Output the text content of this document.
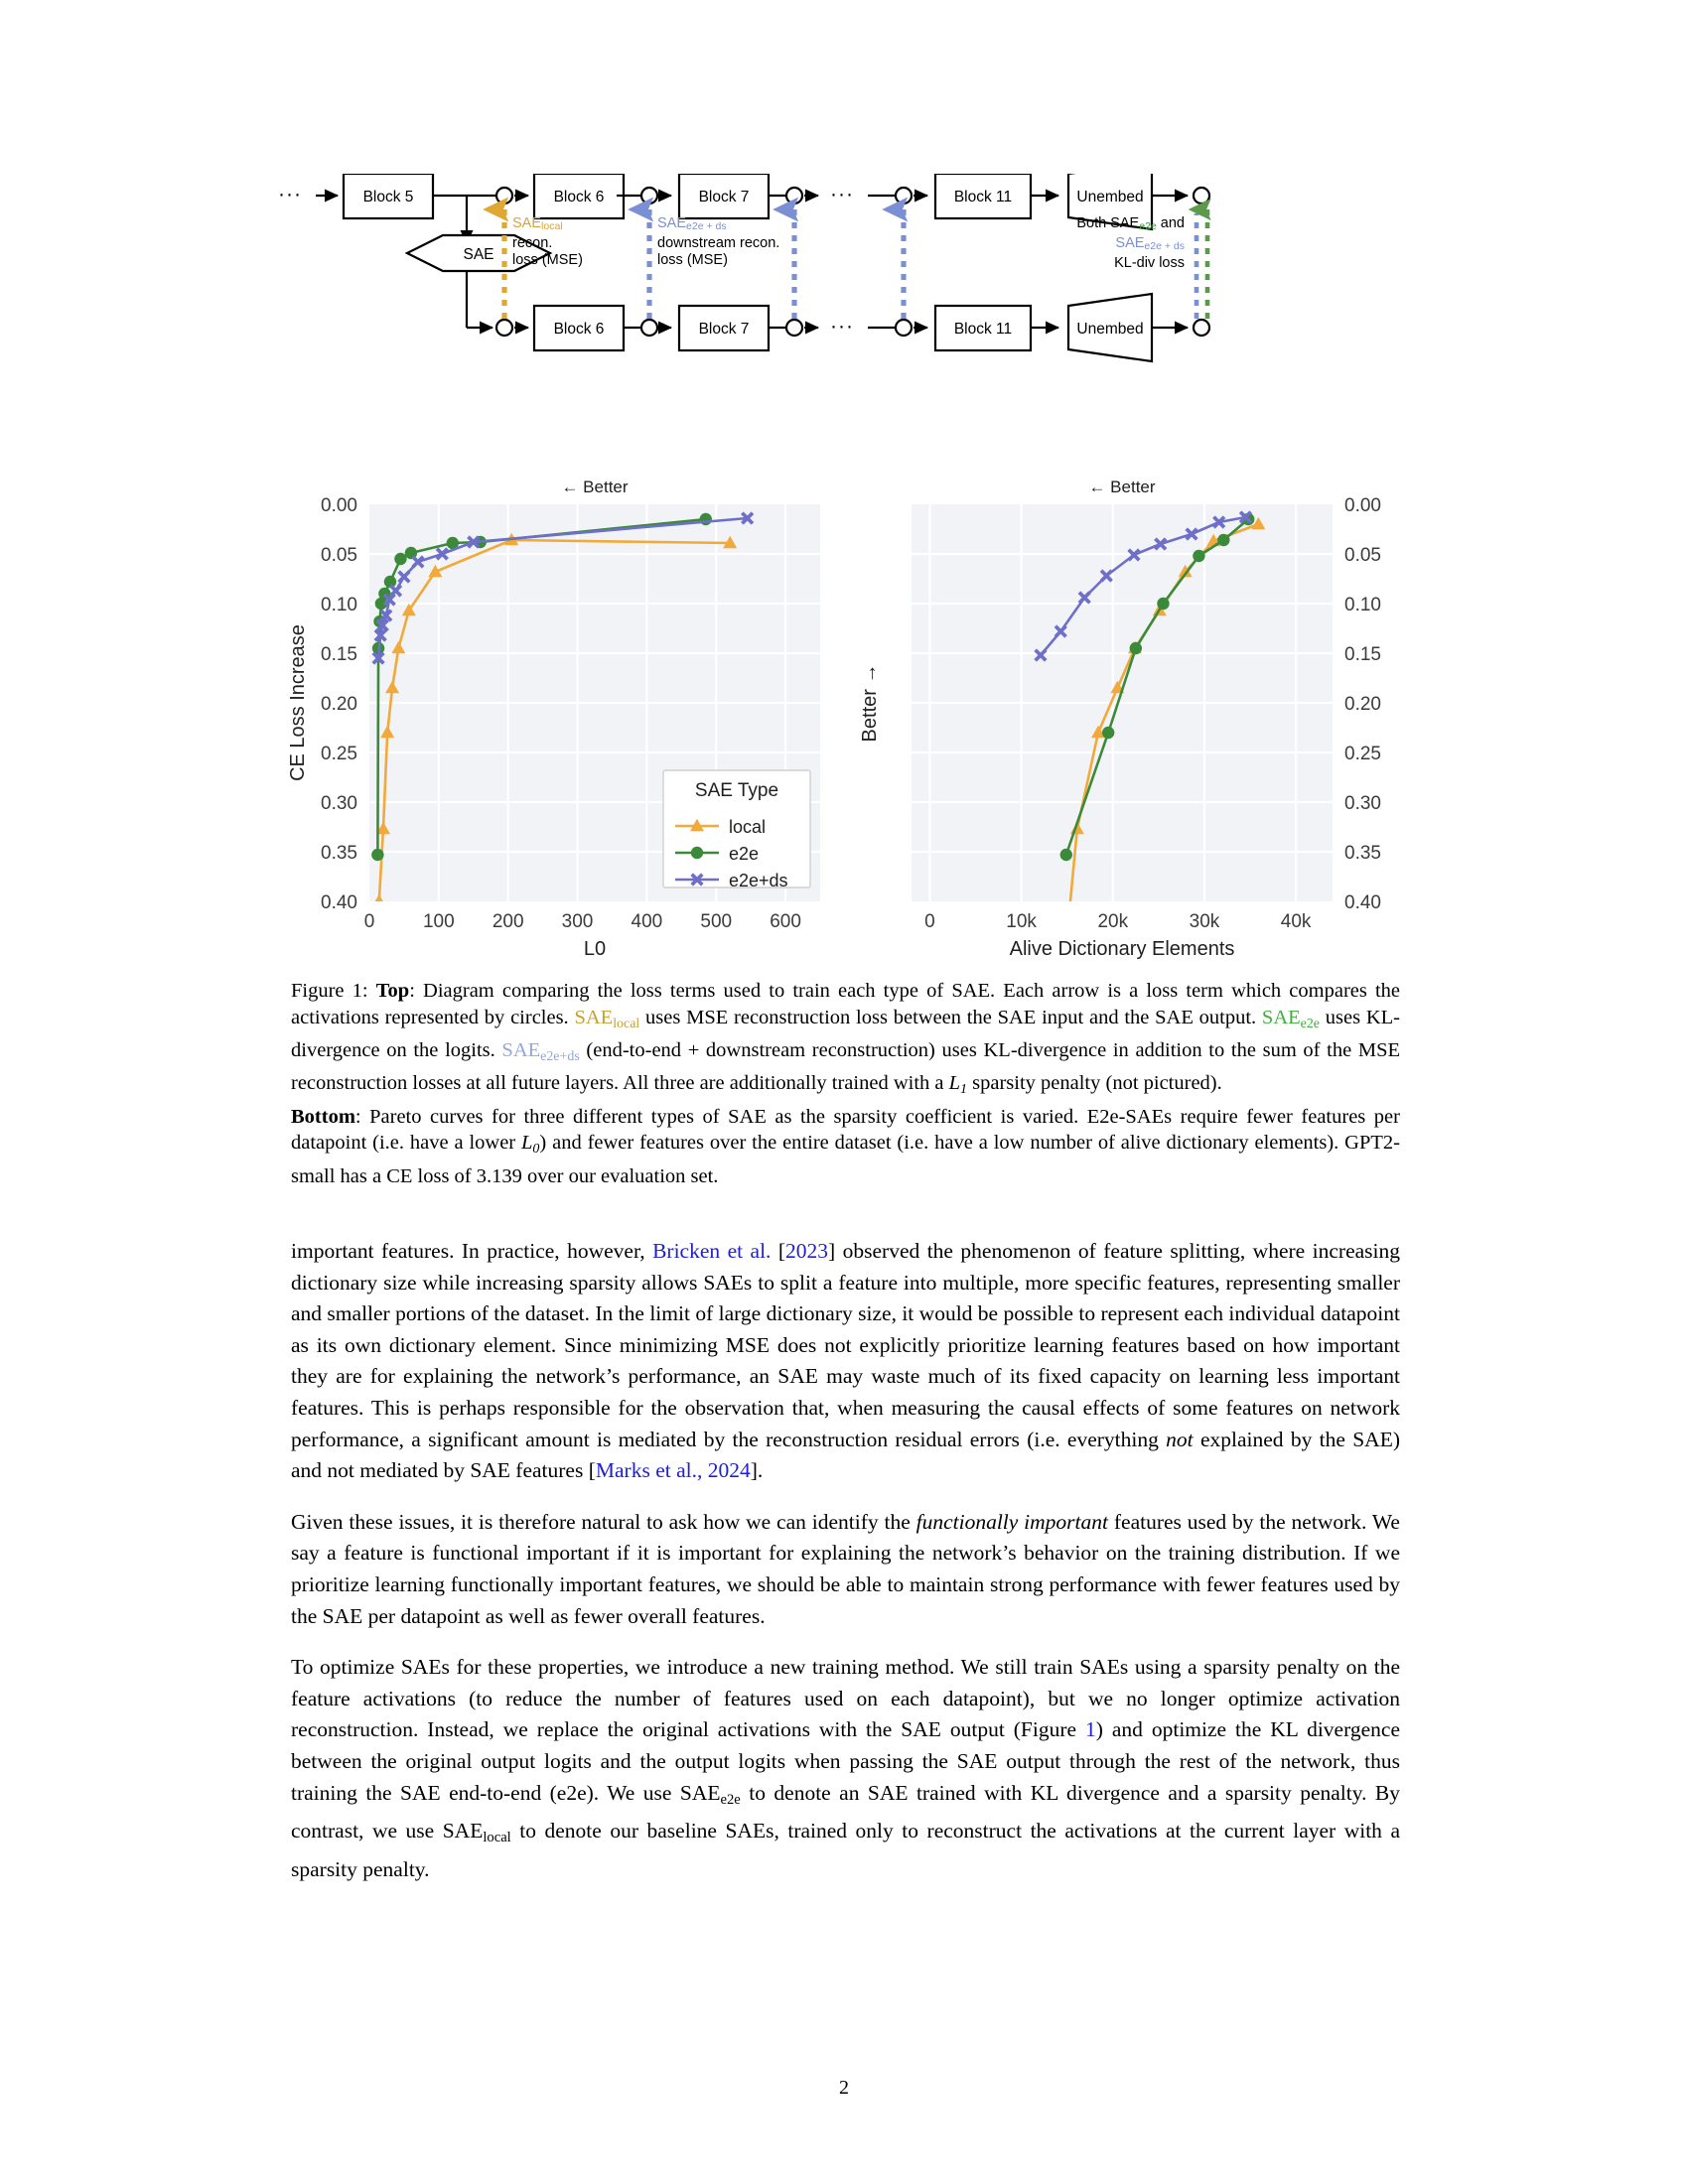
···	Block 5	Block 6	Block 7	···	Block 11	Unembed
SAE
Block 6	Block 7	···	Block 11	Unembed
SAElocal
recon.
loss (MSE)
SAEe2e + ds
downstream recon.
loss (MSE)
Both SAEe2e and
SAEe2e + ds
KL-div loss
0	100 200 300 400 500 600
0.00
0.05
0.10
0.15
0.20
0.25
0.30
0.35
0.40
L0
CE Loss Increase
← Better
SAE Type
local
e2e
e2e+ds
0	10k	20k	30k	40k
0.00
0.05
0.10
0.15
0.20
0.25
0.30
0.35
0.40
Alive Dictionary Elements
Better →
← Better
Figure 1: Top: Diagram comparing the loss terms used to train each type of SAE. Each arrow is a loss term which compares the activations represented by circles. $SAE_{local}$ uses MSE reconstruction loss between the SAE input and the SAE output. $SAE_{e2e}$ uses KL-divergence on the logits. $SAE_{e2e+ds}$ (end-to-end + downstream reconstruction) uses KL-divergence in addition to the sum of the MSE reconstruction losses at all future layers. All three are additionally trained with a $L_1$ sparsity penalty (not pictured).
Bottom: Pareto curves for three different types of SAE as the sparsity coefficient is varied. E2e-SAEs require fewer features per datapoint (i.e. have a lower $L_0$) and fewer features over the entire dataset (i.e. have a low number of alive dictionary elements). GPT2-small has a CE loss of 3.139 over our evaluation set.

important features. In practice, however, Bricken et al. [2023] observed the phenomenon of feature splitting, where increasing dictionary size while increasing sparsity allows SAEs to split a feature into multiple, more specific features, representing smaller and smaller portions of the dataset. In the limit of large dictionary size, it would be possible to represent each individual datapoint as its own dictionary element. Since minimizing MSE does not explicitly prioritize learning features based on how important they are for explaining the network’s performance, an SAE may waste much of its fixed capacity on learning less important features. This is perhaps responsible for the observation that, when measuring the causal effects of some features on network performance, a significant amount is mediated by the reconstruction residual errors (i.e. everything not explained by the SAE) and not mediated by SAE features [Marks et al., 2024].

Given these issues, it is therefore natural to ask how we can identify the functionally important features used by the network. We say a feature is functional important if it is important for explaining the network’s behavior on the training distribution. If we prioritize learning functionally important features, we should be able to maintain strong performance with fewer features used by the SAE per datapoint as well as fewer overall features.

To optimize SAEs for these properties, we introduce a new training method. We still train SAEs using a sparsity penalty on the feature activations (to reduce the number of features used on each datapoint), but we no longer optimize activation reconstruction. Instead, we replace the original activations with the SAE output (Figure 1) and optimize the KL divergence between the original output logits and the output logits when passing the SAE output through the rest of the network, thus training the SAE end-to-end (e2e). We use $SAE_{e2e}$ to denote an SAE trained with KL divergence and a sparsity penalty. By contrast, we use $SAE_{local}$ to denote our baseline SAEs, trained only to reconstruct the activations at the current layer with a sparsity penalty.

2
